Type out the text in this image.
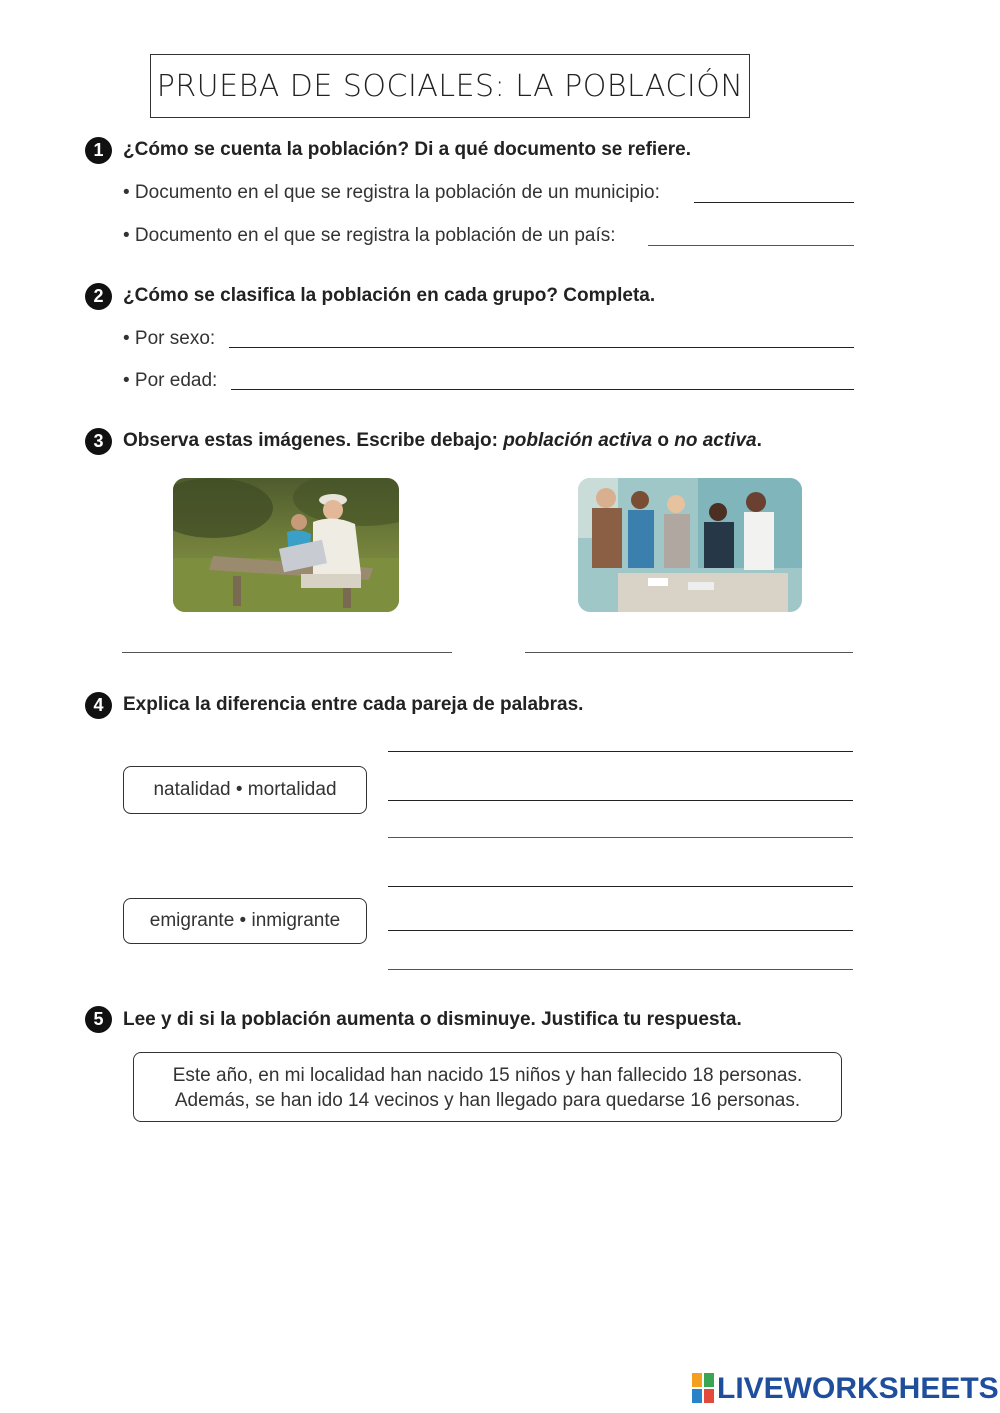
PRUEBA DE SOCIALES: LA POBLACIÓN
1	¿Cómo se cuenta la población? Di a qué documento se refiere.
• Documento en el que se registra la población de un municipio:
• Documento en el que se registra la población de un país:
2	¿Cómo se clasifica la población en cada grupo? Completa.
• Por sexo:
• Por edad:
3	Observa estas imágenes. Escribe debajo: población activa o no activa.
4	Explica la diferencia entre cada pareja de palabras.
natalidad • mortalidad
emigrante • inmigrante
5	Lee y di si la población aumenta o disminuye. Justifica tu respuesta.
Este año, en mi localidad han nacido 15 niños y han fallecido 18 personas.
Además, se han ido 14 vecinos y han llegado para quedarse 16 personas.
LIVEWORKSHEETS
